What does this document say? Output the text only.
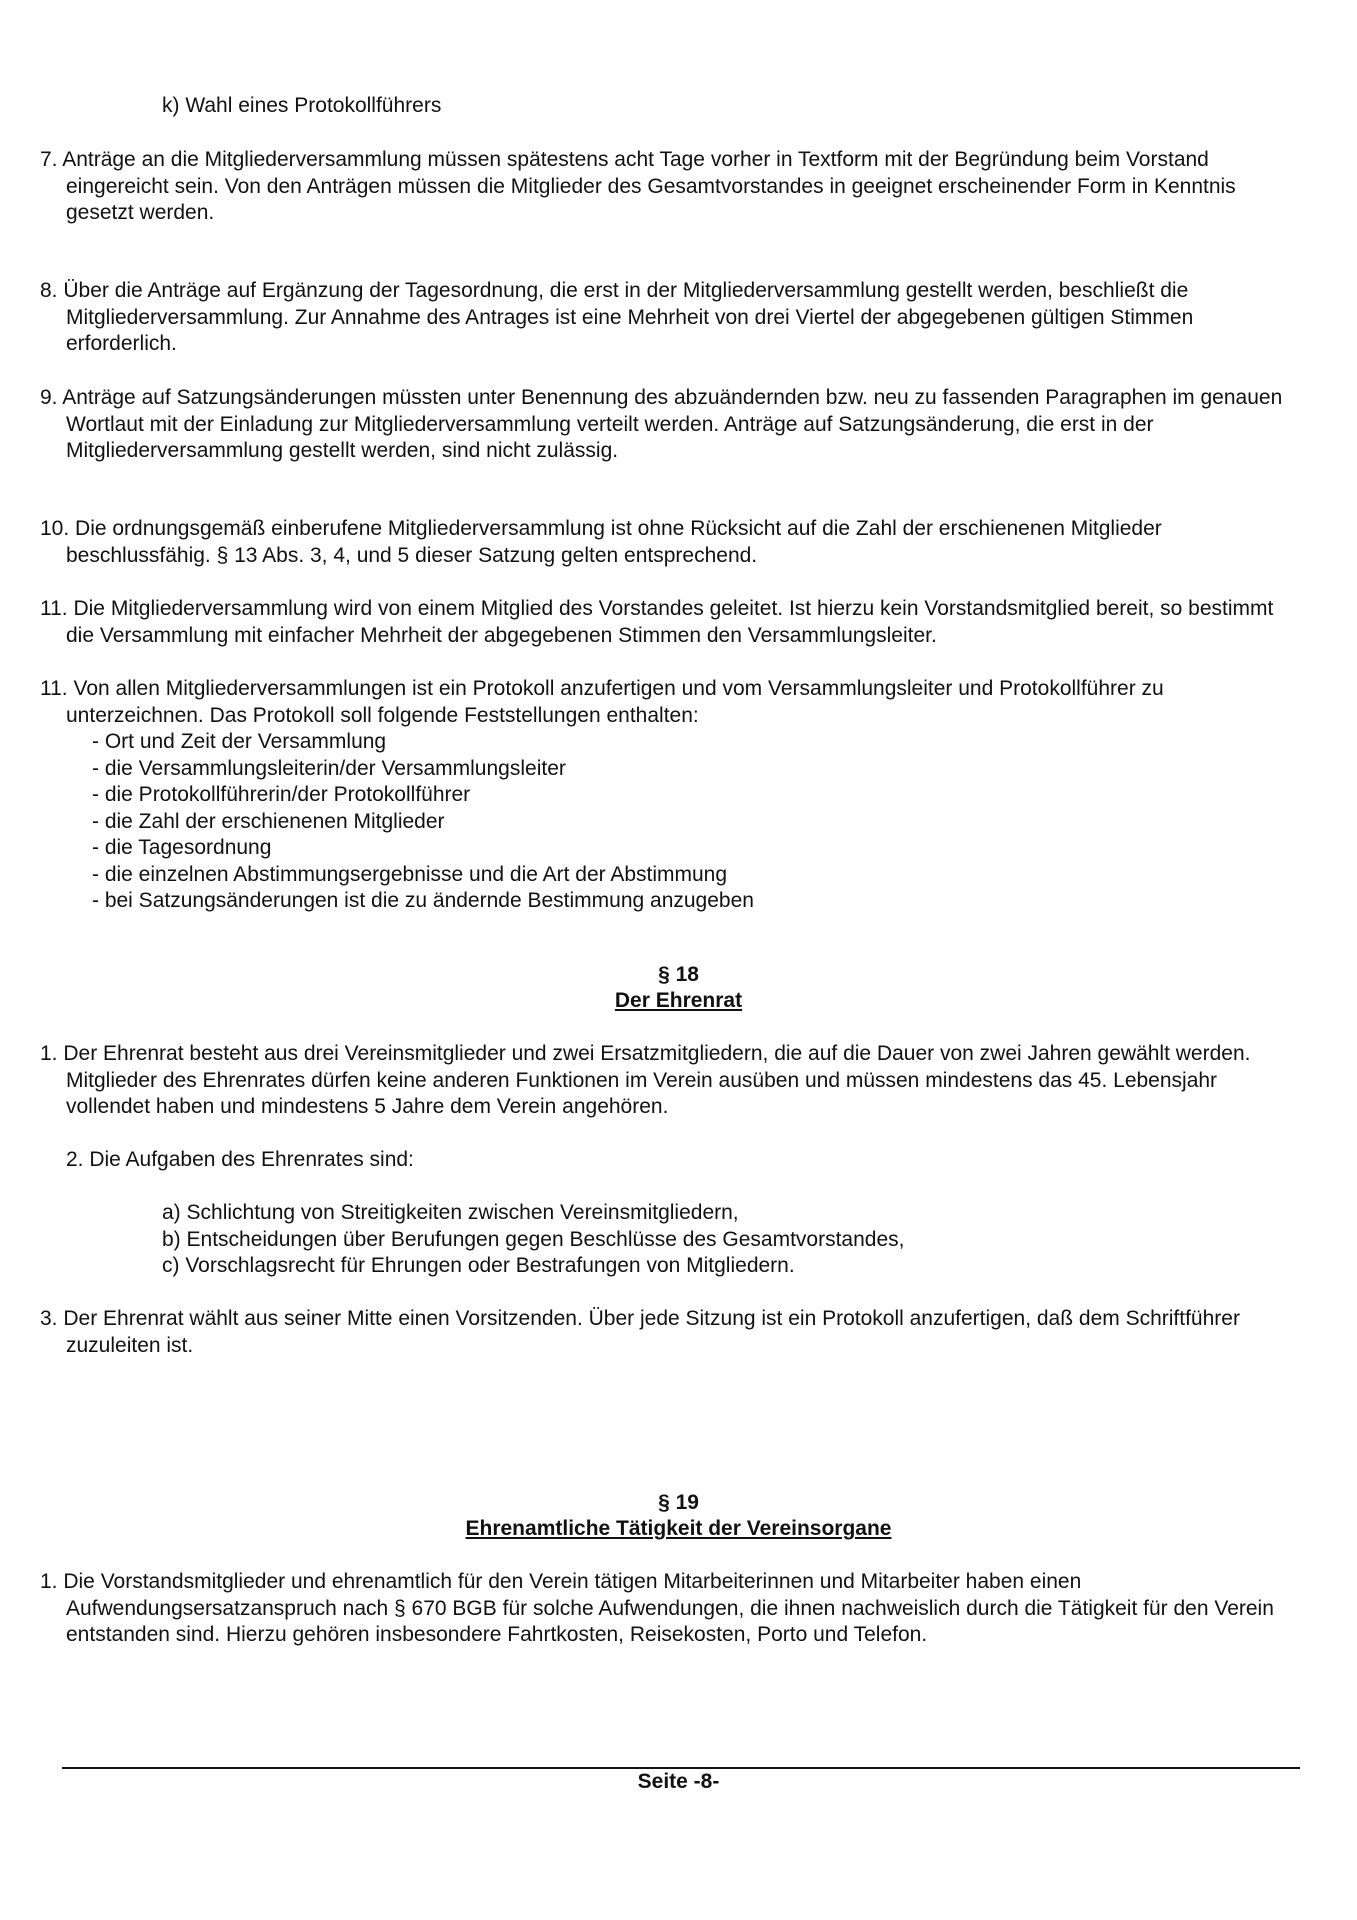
k) Wahl eines Protokollführers

7. Anträge an die Mitgliederversammlung müssen spätestens acht Tage vorher in Textform mit der Begründung beim Vorstand eingereicht sein. Von den Anträgen müssen die Mitglieder des Gesamtvorstandes in geeignet erscheinender Form in Kenntnis gesetzt werden.

8. Über die Anträge auf Ergänzung der Tagesordnung, die erst in der Mitgliederversammlung gestellt werden, beschließt die Mitgliederversammlung. Zur Annahme des Antrages ist eine Mehrheit von drei Viertel der abgegebenen gültigen Stimmen erforderlich.

9. Anträge auf Satzungsänderungen müssten unter Benennung des abzuändernden bzw. neu zu fassenden Paragraphen im genauen Wortlaut mit der Einladung zur Mitgliederversammlung verteilt werden. Anträge auf Satzungsänderung, die erst in der Mitgliederversammlung gestellt werden, sind nicht zulässig.

10. Die ordnungsgemäß einberufene Mitgliederversammlung ist ohne Rücksicht auf die Zahl der erschienenen Mitglieder beschlussfähig. § 13 Abs. 3, 4, und 5 dieser Satzung gelten entsprechend.

11. Die Mitgliederversammlung wird von einem Mitglied des Vorstandes geleitet. Ist hierzu kein Vorstandsmitglied bereit, so bestimmt die Versammlung mit einfacher Mehrheit der abgegebenen Stimmen den Versammlungsleiter.

11. Von allen Mitgliederversammlungen ist ein Protokoll anzufertigen und vom Versammlungsleiter und Protokollführer zu unterzeichnen. Das Protokoll soll folgende Feststellungen enthalten:
- Ort und Zeit der Versammlung
- die Versammlungsleiterin/der Versammlungsleiter
- die Protokollführerin/der Protokollführer
- die Zahl der erschienenen Mitglieder
- die Tagesordnung
- die einzelnen Abstimmungsergebnisse und die Art der Abstimmung
- bei Satzungsänderungen ist die zu ändernde Bestimmung anzugeben
§ 18
Der Ehrenrat

1. Der Ehrenrat besteht aus drei Vereinsmitglieder und zwei Ersatzmitgliedern, die auf die Dauer von zwei Jahren gewählt werden. Mitglieder des Ehrenrates dürfen keine anderen Funktionen im Verein ausüben und müssen mindestens das 45. Lebensjahr vollendet haben und mindestens 5 Jahre dem Verein angehören.

2. Die Aufgaben des Ehrenrates sind:

a) Schlichtung von Streitigkeiten zwischen Vereinsmitgliedern,
b) Entscheidungen über Berufungen gegen Beschlüsse des Gesamtvorstandes,
c) Vorschlagsrecht für Ehrungen oder Bestrafungen von Mitgliedern.

3. Der Ehrenrat wählt aus seiner Mitte einen Vorsitzenden. Über jede Sitzung ist ein Protokoll anzufertigen, daß dem Schriftführer zuzuleiten ist.

§ 19
Ehrenamtliche Tätigkeit der Vereinsorgane

1. Die Vorstandsmitglieder und ehrenamtlich für den Verein tätigen Mitarbeiterinnen und Mitarbeiter haben einen Aufwendungsersatzanspruch nach § 670 BGB für solche Aufwendungen, die ihnen nachweislich durch die Tätigkeit für den Verein entstanden sind. Hierzu gehören insbesondere Fahrtkosten, Reisekosten, Porto und Telefon.

Seite -8-
